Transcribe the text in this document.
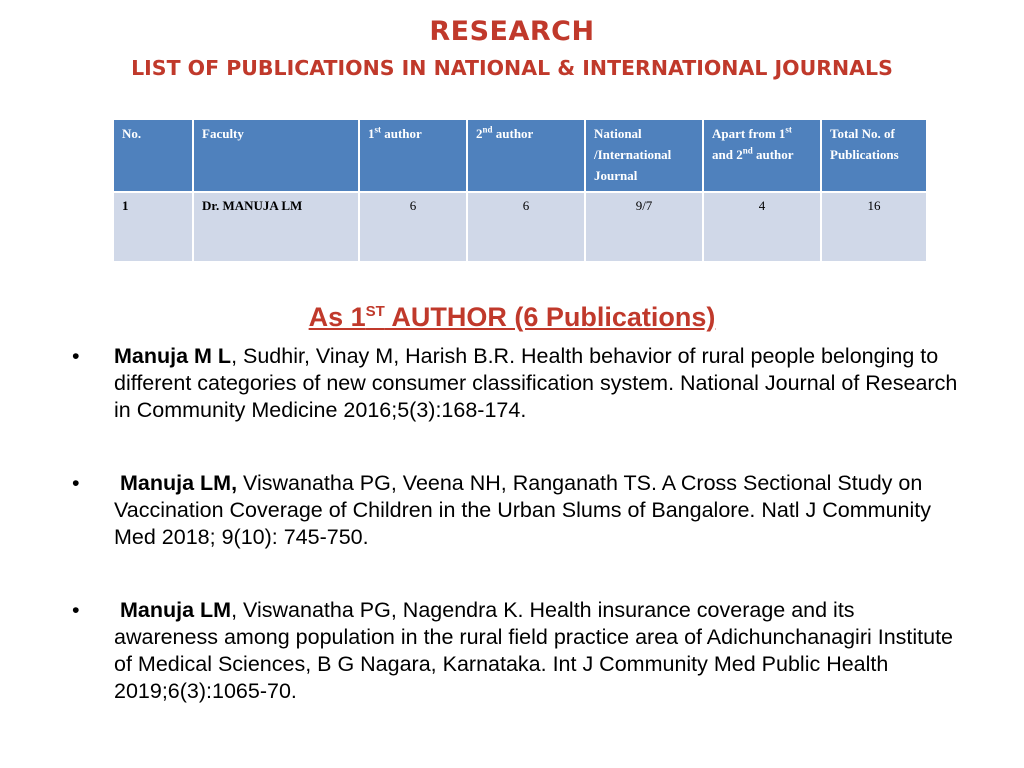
RESEARCH
LIST OF PUBLICATIONS IN NATIONAL & INTERNATIONAL JOURNALS
No.	Faculty	1st author	2nd author	National /International Journal	Apart from 1st and 2nd author	Total No. of Publications
1	Dr. MANUJA LM	6	6	9/7	4	16
As 1ST AUTHOR (6 Publications)
• Manuja M L, Sudhir, Vinay M, Harish B.R. Health behavior of rural people belonging to different categories of new consumer classification system. National Journal of Research in Community Medicine 2016;5(3):168-174.
• Manuja LM, Viswanatha PG, Veena NH, Ranganath TS. A Cross Sectional Study on Vaccination Coverage of Children in the Urban Slums of Bangalore. Natl J Community Med 2018; 9(10): 745-750.
• Manuja LM, Viswanatha PG, Nagendra K. Health insurance coverage and its awareness among population in the rural field practice area of Adichunchanagiri Institute of Medical Sciences, B G Nagara, Karnataka. Int J Community Med Public Health 2019;6(3):1065-70.
